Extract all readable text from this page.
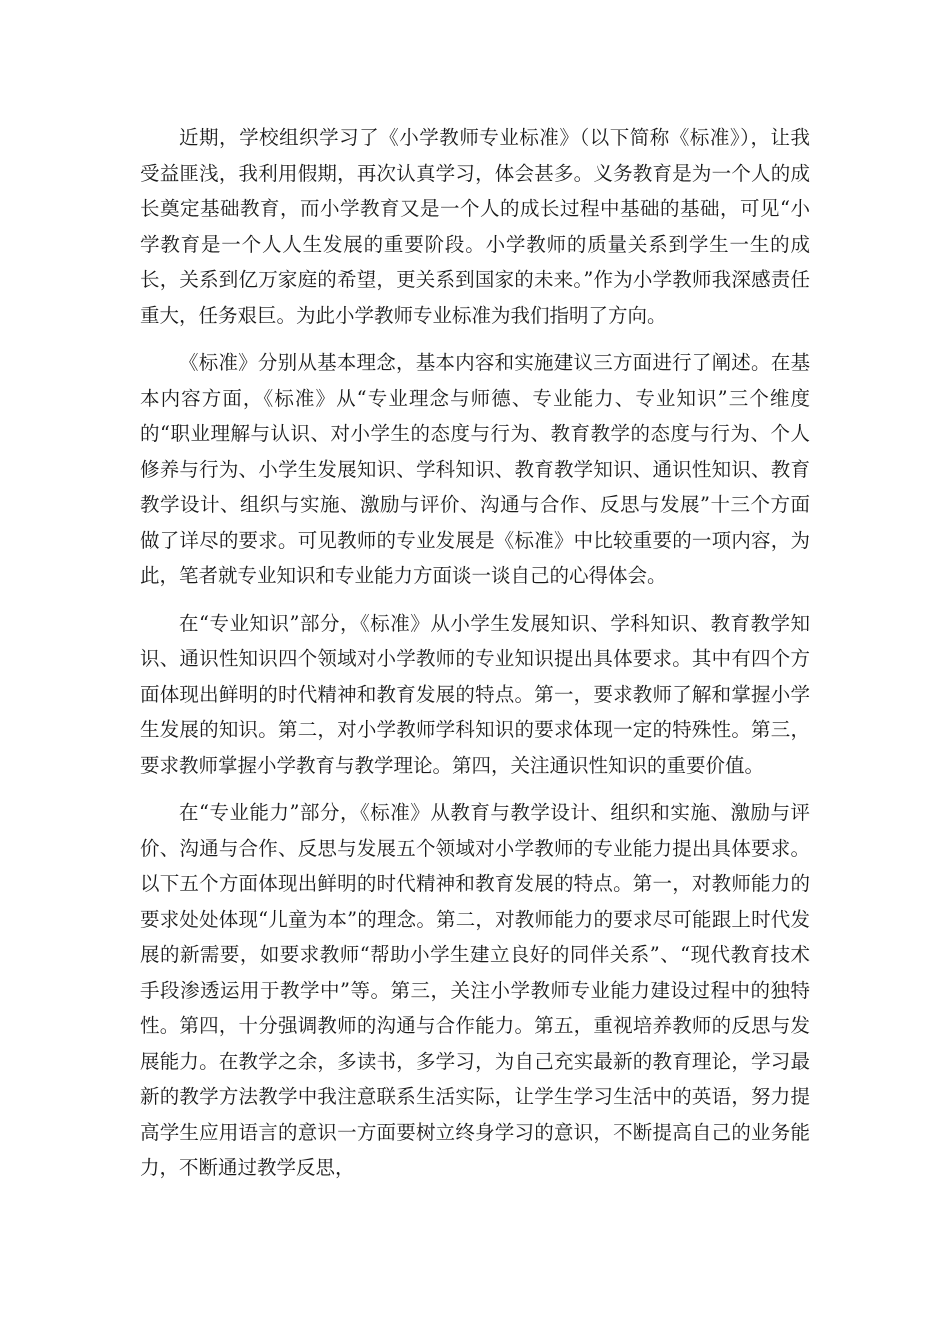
近期，学校组织学习了《小学教师专业标准》（以下简称《标准》），让我受益匪浅，我利用假期，再次认真学习，体会甚多。义务教育是为一个人的成长奠定基础教育，而小学教育又是一个人的成长过程中基础的基础，可见“小学教育是一个人人生发展的重要阶段。小学教师的质量关系到学生一生的成长，关系到亿万家庭的希望，更关系到国家的未来。”作为小学教师我深感责任重大，任务艰巨。为此小学教师专业标准为我们指明了方向。

《标准》分别从基本理念，基本内容和实施建议三方面进行了阐述。在基本内容方面，《标准》从“专业理念与师德、专业能力、专业知识”三个维度的“职业理解与认识、对小学生的态度与行为、教育教学的态度与行为、个人修养与行为、小学生发展知识、学科知识、教育教学知识、通识性知识、教育教学设计、组织与实施、激励与评价、沟通与合作、反思与发展”十三个方面做了详尽的要求。可见教师的专业发展是《标准》中比较重要的一项内容，为此，笔者就专业知识和专业能力方面谈一谈自己的心得体会。

在“专业知识”部分，《标准》从小学生发展知识、学科知识、教育教学知识、通识性知识四个领域对小学教师的专业知识提出具体要求。其中有四个方面体现出鲜明的时代精神和教育发展的特点。第一，要求教师了解和掌握小学生发展的知识。第二，对小学教师学科知识的要求体现一定的特殊性。第三，要求教师掌握小学教育与教学理论。第四，关注通识性知识的重要价值。

在“专业能力”部分，《标准》从教育与教学设计、组织和实施、激励与评价、沟通与合作、反思与发展五个领域对小学教师的专业能力提出具体要求。以下五个方面体现出鲜明的时代精神和教育发展的特点。第一，对教师能力的要求处处体现“儿童为本”的理念。第二，对教师能力的要求尽可能跟上时代发展的新需要，如要求教师“帮助小学生建立良好的同伴关系”、“现代教育技术手段渗透运用于教学中”等。第三，关注小学教师专业能力建设过程中的独特性。第四，十分强调教师的沟通与合作能力。第五，重视培养教师的反思与发展能力。在教学之余，多读书，多学习，为自己充实最新的教育理论，学习最新的教学方法教学中我注意联系生活实际，让学生学习生活中的英语，努力提高学生应用语言的意识一方面要树立终身学习的意识，不断提高自己的业务能力，不断通过教学反思，
